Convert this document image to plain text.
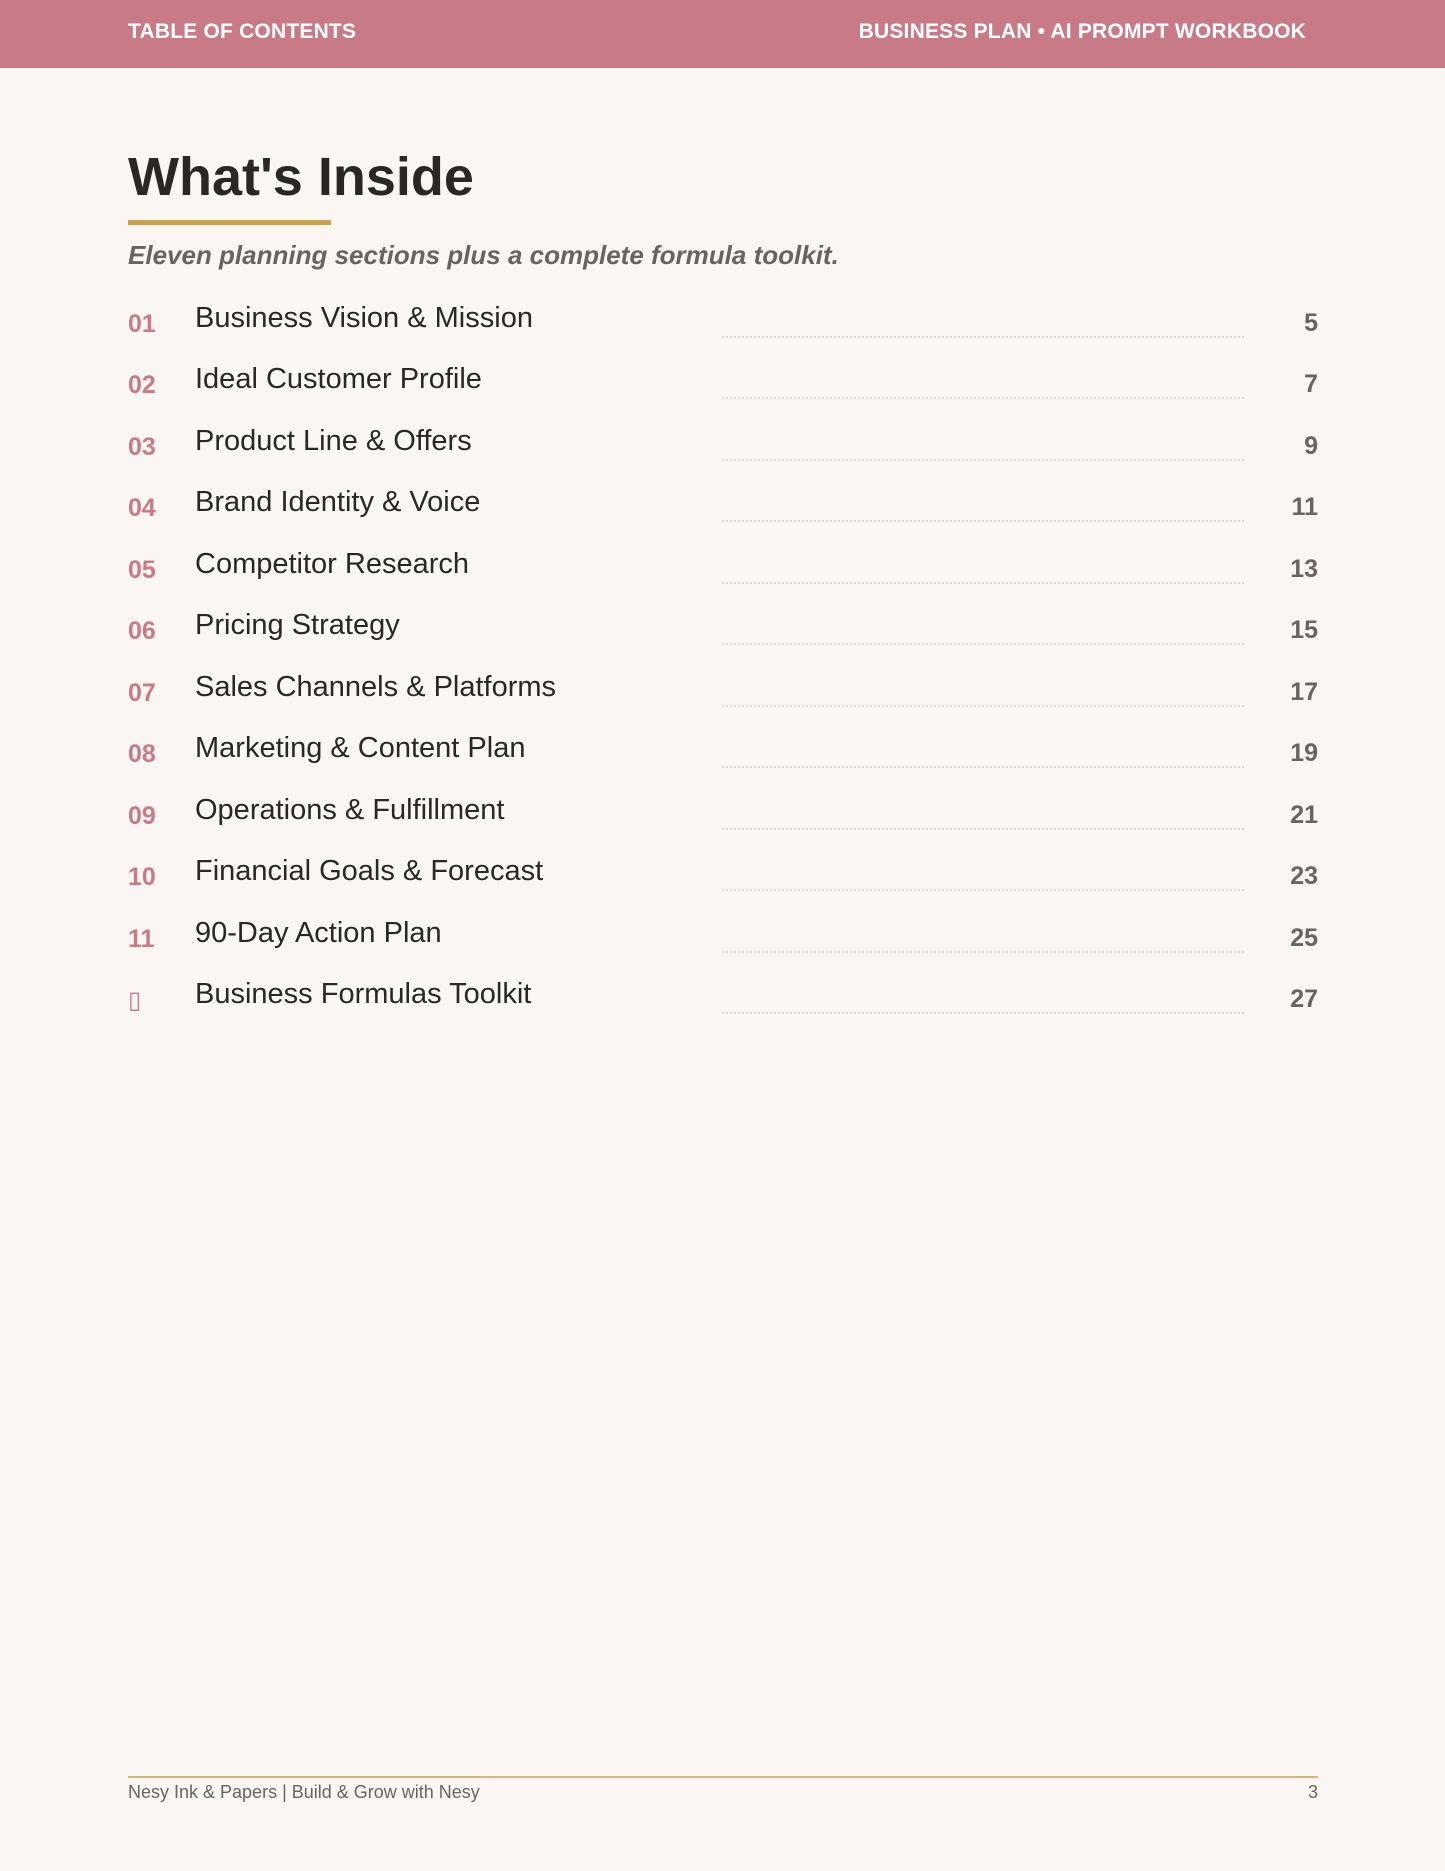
TABLE OF CONTENTS	BUSINESS PLAN • AI PROMPT WORKBOOK
What's Inside
Eleven planning sections plus a complete formula toolkit.
01 Business Vision & Mission	5
02 Ideal Customer Profile	7
03 Product Line & Offers	9
04 Brand Identity & Voice	11
05 Competitor Research	13
06 Pricing Strategy	15
07 Sales Channels & Platforms	17
08 Marketing & Content Plan	19
09 Operations & Fulfillment	21
10 Financial Goals & Forecast	23
11 90-Day Action Plan	25
▯ Business Formulas Toolkit	27
Nesy Ink & Papers | Build & Grow with Nesy	3
